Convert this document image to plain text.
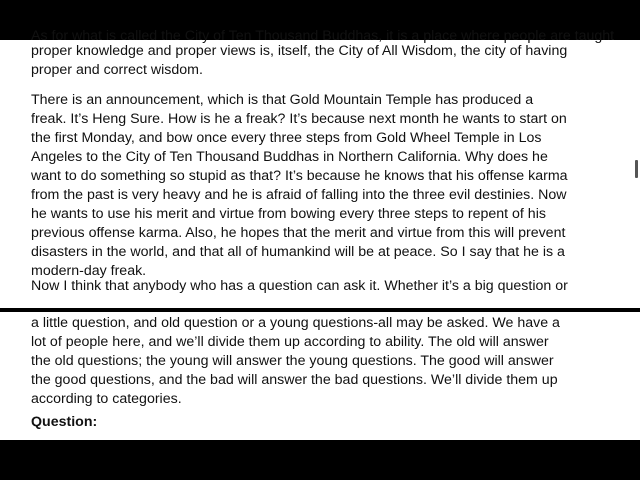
As for what is called the City of Ten Thousand Buddhas, it is a place where people are taught
proper knowledge and proper views is, itself, the City of All Wisdom, the city of having
proper and correct wisdom.
There is an announcement, which is that Gold Mountain Temple has produced a
freak. It’s Heng Sure. How is he a freak? It’s because next month he wants to start on
the first Monday, and bow once every three steps from Gold Wheel Temple in Los
Angeles to the City of Ten Thousand Buddhas in Northern California. Why does he
want to do something so stupid as that? It’s because he knows that his offense karma
from the past is very heavy and he is afraid of falling into the three evil destinies. Now
he wants to use his merit and virtue from bowing every three steps to repent of his
previous offense karma. Also, he hopes that the merit and virtue from this will prevent
disasters in the world, and that all of humankind will be at peace. So I say that he is a
modern-day freak.
Now I think that anybody who has a question can ask it. Whether it’s a big question or
a little question, and old question or a young questions-all may be asked. We have a
lot of people here, and we’ll divide them up according to ability. The old will answer
the old questions; the young will answer the young questions. The good will answer
the good questions, and the bad will answer the bad questions. We’ll divide them up
according to categories.
Question:
